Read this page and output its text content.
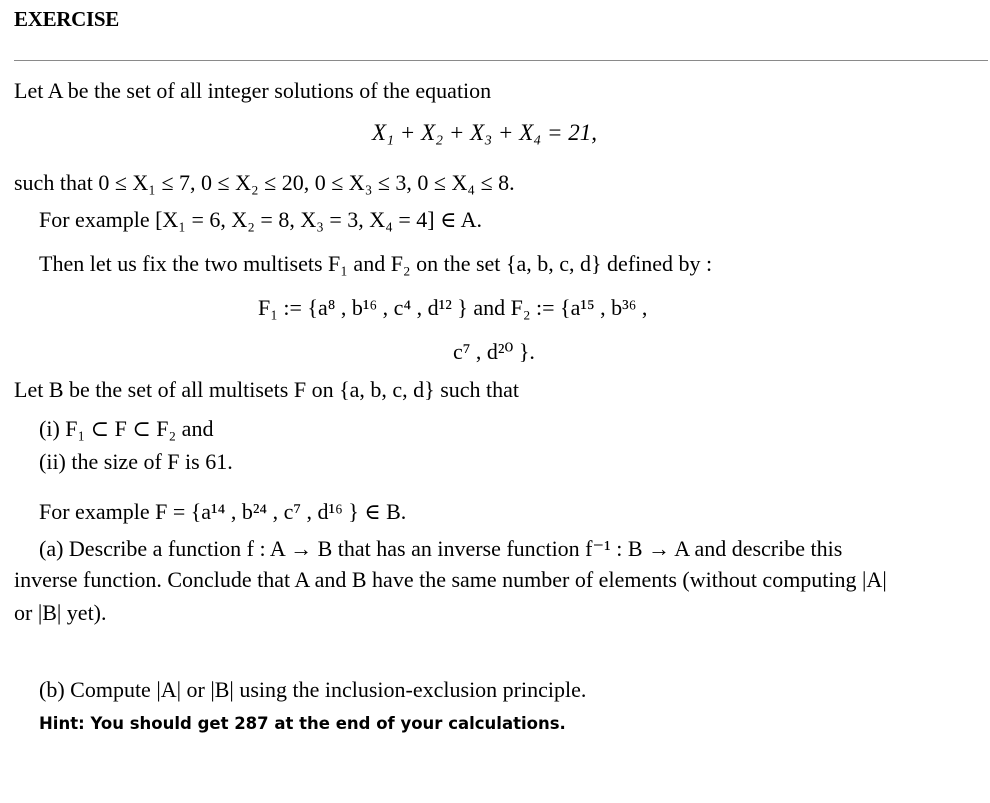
EXERCISE
Let A be the set of all integer solutions of the equation
X₁ + X₂ + X₃ + X₄ = 21,
such that 0 ≤ X₁ ≤ 7, 0 ≤ X₂ ≤ 20, 0 ≤ X₃ ≤ 3, 0 ≤ X₄ ≤ 8.
For example [X₁ = 6, X₂ = 8, X₃ = 3, X₄ = 4] ∈ A.
Then let us fix the two multisets F₁ and F₂ on the set {a, b, c, d} defined by :
F₁ := {a⁸ , b¹⁶ , c⁴ , d¹² } and F₂ := {a¹⁵ , b³⁶ ,
c⁷ , d²⁰ }.
Let B be the set of all multisets F on {a, b, c, d} such that
(i) F₁ ⊂ F ⊂ F₂ and
(ii) the size of F is 61.
For example F = {a¹⁴ , b²⁴ , c⁷ , d¹⁶ } ∈ B.
(a) Describe a function f : A → B that has an inverse function f⁻¹ : B → A and describe this
inverse function. Conclude that A and B have the same number of elements (without computing |A|
or |B| yet).
(b) Compute |A| or |B| using the inclusion-exclusion principle.
Hint: You should get 287 at the end of your calculations.
